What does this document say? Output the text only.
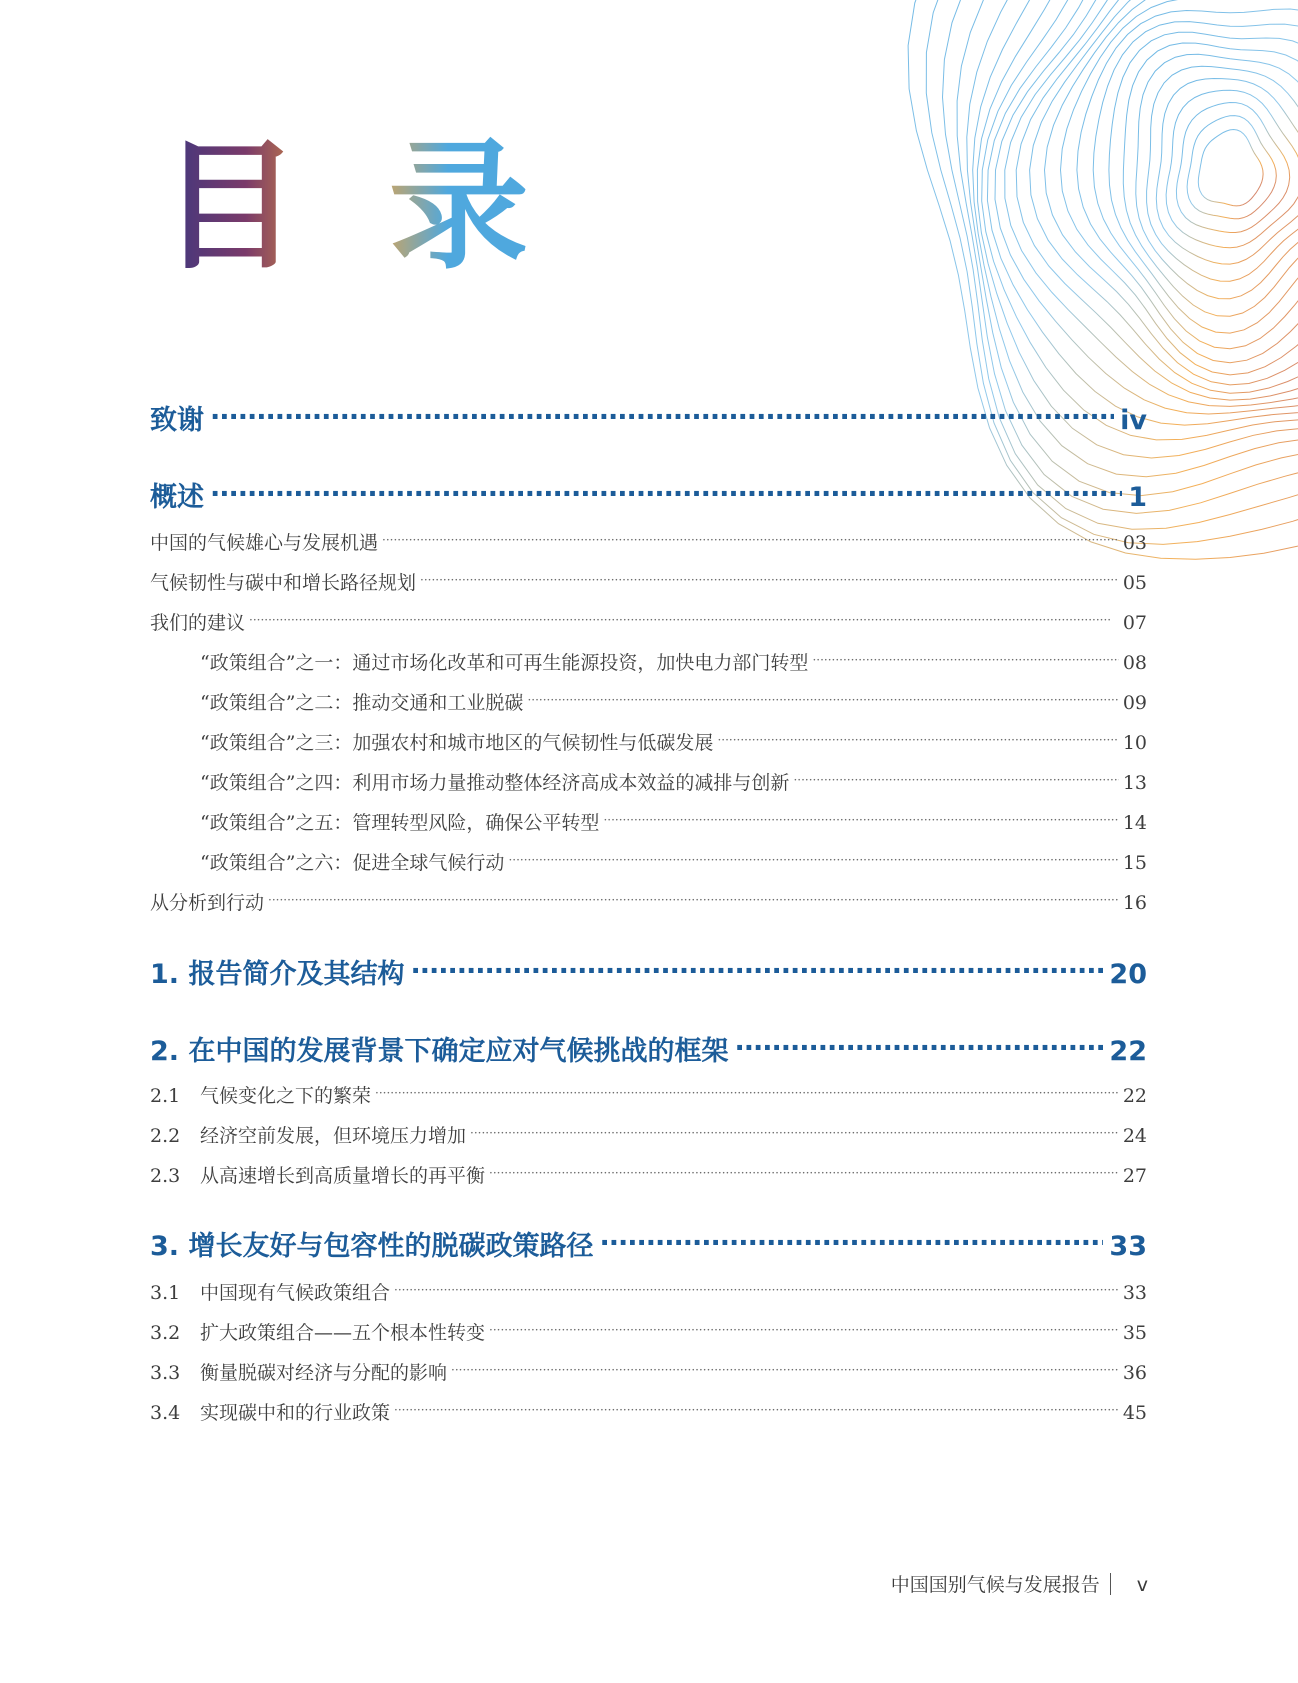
目 录
致谢 ·····	iv
概述 ·····	1
中国的气候雄心与发展机遇 ·····	03
气候韧性与碳中和增长路径规划 ·····	05
我们的建议 ·····	07
“政策组合”之一：通过市场化改革和可再生能源投资，加快电力部门转型 ·····	08
“政策组合”之二：推动交通和工业脱碳 ·····	09
“政策组合”之三：加强农村和城市地区的气候韧性与低碳发展 ·····	10
“政策组合”之四：利用市场力量推动整体经济高成本效益的减排与创新 ·····	13
“政策组合”之五：管理转型风险，确保公平转型 ·····	14
“政策组合”之六：促进全球气候行动 ·····	15
从分析到行动 ·····	16
1. 报告简介及其结构 ·····	20
2. 在中国的发展背景下确定应对气候挑战的框架 ·····	22
2.1 气候变化之下的繁荣 ·····	22
2.2 经济空前发展，但环境压力增加 ·····	24
2.3 从高速增长到高质量增长的再平衡 ·····	27
3. 增长友好与包容性的脱碳政策路径 ·····	33
3.1 中国现有气候政策组合 ·····	33
3.2 扩大政策组合——五个根本性转变 ·····	35
3.3 衡量脱碳对经济与分配的影响 ·····	36
3.4 实现碳中和的行业政策 ·····	45
中国国别气候与发展报告 v
